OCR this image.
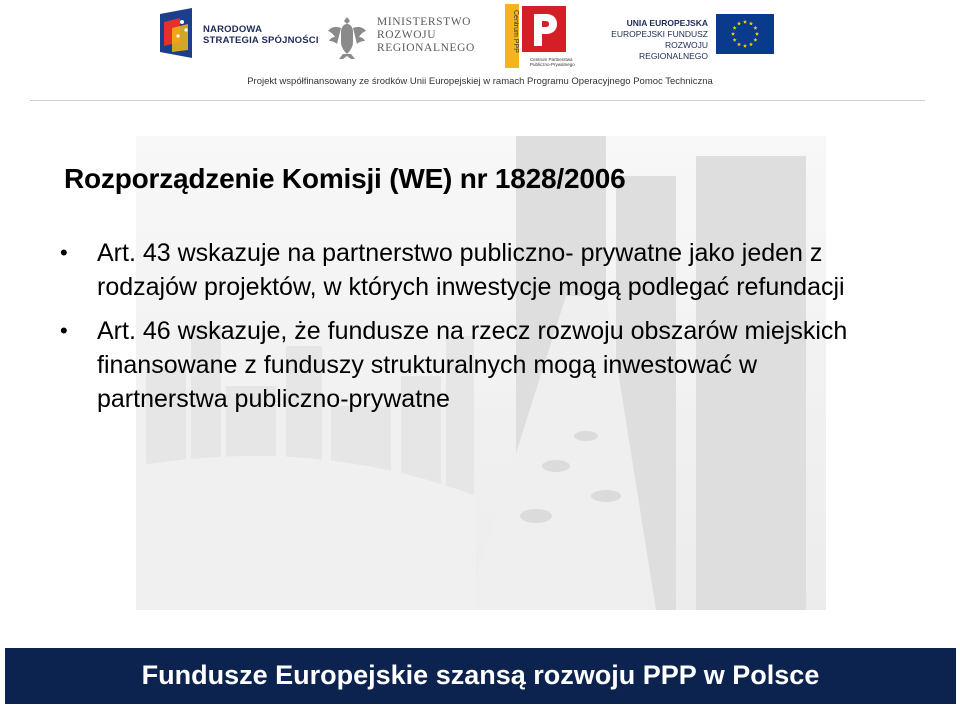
NARODOWA
STRATEGIA SPÓJNOŚCI
MINISTERSTWO
ROZWOJU
REGIONALNEGO	Centrum PPP
Centrum Partnerstwa
Publiczno-Prywatnego
UNIA EUROPEJSKA
EUROPEJSKI FUNDUSZ
ROZWOJU REGIONALNEGO
Projekt współfinansowany ze środków Unii Europejskiej w ramach Programu Operacyjnego Pomoc Techniczna
Rozporządzenie Komisji (WE) nr 1828/2006
• Art. 43 wskazuje na partnerstwo publiczno- prywatne jako jeden z rodzajów projektów, w których inwestycje mogą podlegać refundacji
• Art. 46 wskazuje, że fundusze na rzecz rozwoju obszarów miejskich finansowane z funduszy strukturalnych mogą inwestować w partnerstwa publiczno-prywatne
Fundusze Europejskie szansą rozwoju PPP w Polsce
